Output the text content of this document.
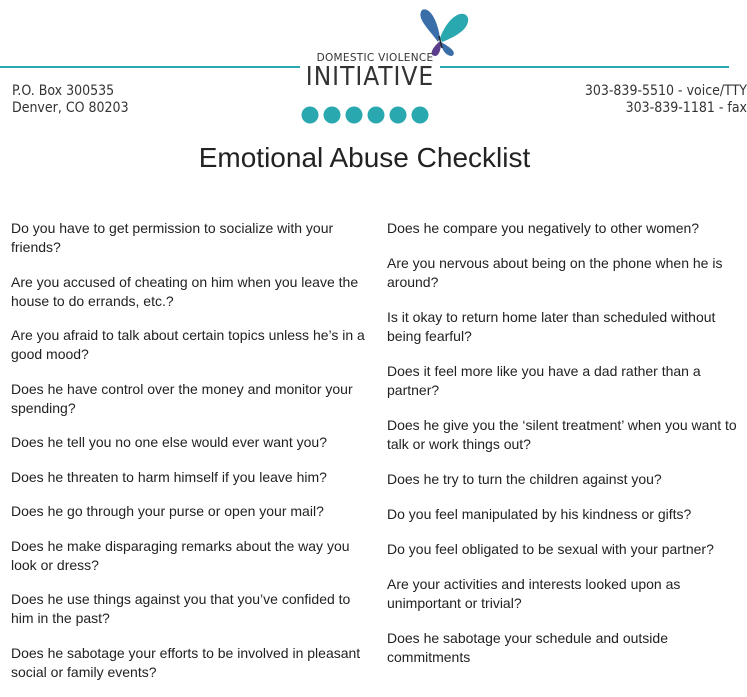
P.O. Box 300535
Denver, CO 80203
303-839-5510 - voice/TTY
303-839-1181 - fax
DOMESTIC VIOLENCE
INITIATIVE
Emotional Abuse Checklist
Do you have to get permission to socialize with your friends?
Are you accused of cheating on him when you leave the house to do errands, etc.?
Are you afraid to talk about certain topics unless he’s in a good mood?
Does he have control over the money and monitor your spending?
Does he tell you no one else would ever want you?
Does he threaten to harm himself if you leave him?
Does he go through your purse or open your mail?
Does he make disparaging remarks about the way you look or dress?
Does he use things against you that you’ve confided to him in the past?
Does he sabotage your efforts to be involved in pleasant social or family events?
Does he compare you negatively to other women?
Are you nervous about being on the phone when he is around?
Is it okay to return home later than scheduled without being fearful?
Does it feel more like you have a dad rather than a partner?
Does he give you the ‘silent treatment’ when you want to talk or work things out?
Does he try to turn the children against you?
Do you feel manipulated by his kindness or gifts?
Do you feel obligated to be sexual with your partner?
Are your activities and interests looked upon as unimportant or trivial?
Does he sabotage your schedule and outside commitments
